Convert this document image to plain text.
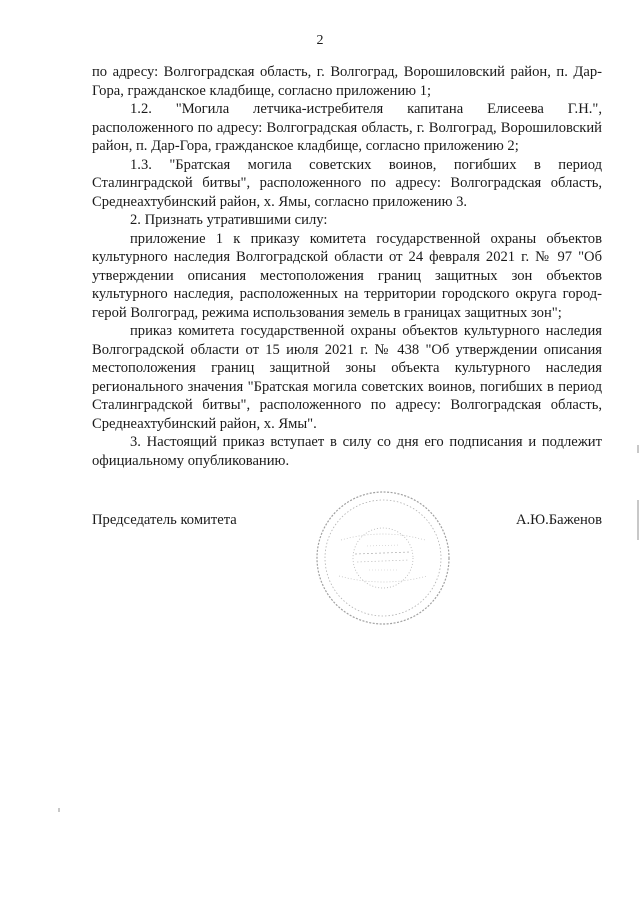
2

по адресу: Волгоградская область, г. Волгоград, Ворошиловский район, п. Дар-Гора, гражданское кладбище, согласно приложению 1;

1.2. "Могила летчика-истребителя капитана Елисеева Г.Н.", расположенного по адресу: Волгоградская область, г. Волгоград, Ворошиловский район, п. Дар-Гора, гражданское кладбище, согласно приложению 2;

1.3. "Братская могила советских воинов, погибших в период Сталинградской битвы", расположенного по адресу: Волгоградская область, Среднеахтубинский район, х. Ямы, согласно приложению 3.

2. Признать утратившими силу:

приложение 1 к приказу комитета государственной охраны объектов культурного наследия Волгоградской области от 24 февраля 2021 г. № 97 "Об утверждении описания местоположения границ защитных зон объектов культурного наследия, расположенных на территории городского округа город-герой Волгоград, режима использования земель в границах защитных зон";

приказ комитета государственной охраны объектов культурного наследия Волгоградской области от 15 июля 2021 г. № 438 "Об утверждении описания местоположения границ защитной зоны объекта культурного наследия регионального значения "Братская могила советских воинов, погибших в период Сталинградской битвы", расположенного по адресу: Волгоградская область, Среднеахтубинский район, х. Ямы".

3. Настоящий приказ вступает в силу со дня его подписания и подлежит официальному опубликованию.

Председатель комитета	А.Ю.Баженов
